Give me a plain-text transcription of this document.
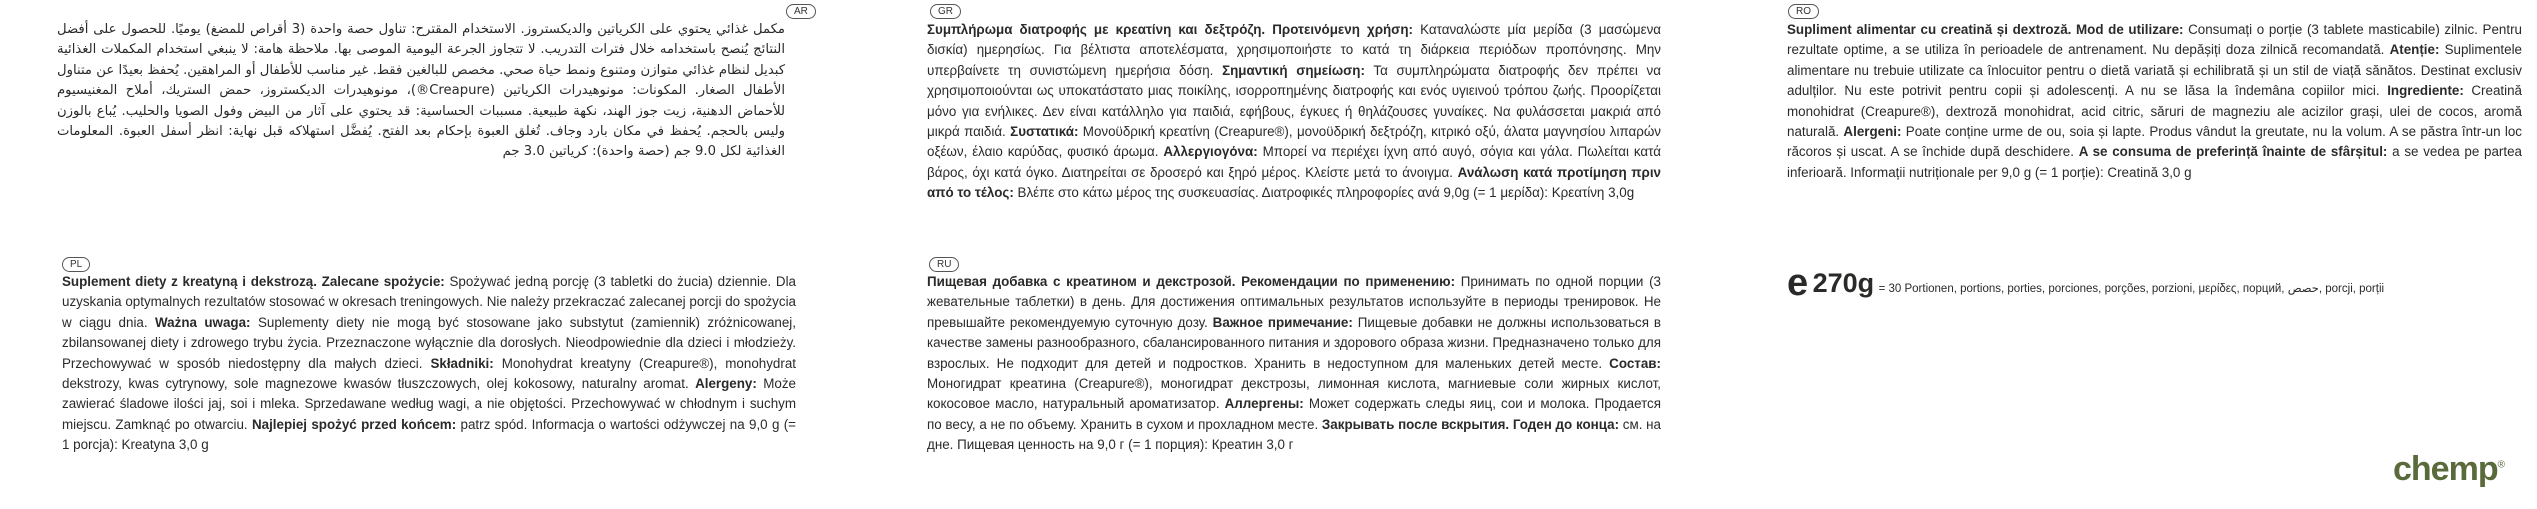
AR
مكمل غذائي يحتوي على الكرياتين والديكستروز. الاستخدام المقترح: تناول حصة واحدة (3 أقراص للمضغ) يوميًا. للحصول على أفضل النتائج يُنصح باستخدامه خلال فترات التدريب. لا تتجاوز الجرعة اليومية الموصى بها. ملاحظة هامة: لا ينبغي استخدام المكملات الغذائية كبديل لنظام غذائي متوازن ومتنوع ونمط حياة صحي. مخصص للبالغين فقط. غير مناسب للأطفال أو المراهقين. يُحفظ بعيدًا عن متناول الأطفال الصغار. المكونات: مونوهيدرات الكرياتين (Creapure®)، مونوهيدرات الديكستروز، حمض الستريك، أملاح المغنيسيوم للأحماض الدهنية، زيت جوز الهند، نكهة طبيعية. مسببات الحساسية: قد يحتوي على آثار من البيض وفول الصويا والحليب. يُباع بالوزن وليس بالحجم. يُحفظ في مكان بارد وجاف. تُغلق العبوة بإحكام بعد الفتح. يُفضَّل استهلاكه قبل نهاية: انظر أسفل العبوة. المعلومات الغذائية لكل 9.0 جم (حصة واحدة): كرياتين 3.0 جم
GR
Συμπλήρωμα διατροφής με κρεατίνη και δεξτρόζη. Προτεινόμενη χρήση: Καταναλώστε μία μερίδα (3 μασώμενα δισκία) ημερησίως. Για βέλτιστα αποτελέσματα, χρησιμοποιήστε το κατά τη διάρκεια περιόδων προπόνησης. Μην υπερβαίνετε τη συνιστώμενη ημερήσια δόση. Σημαντική σημείωση: Τα συμπληρώματα διατροφής δεν πρέπει να χρησιμοποιούνται ως υποκατάστατο μιας ποικίλης, ισορροπημένης διατροφής και ενός υγιεινού τρόπου ζωής. Προορίζεται μόνο για ενήλικες. Δεν είναι κατάλληλο για παιδιά, εφήβους, έγκυες ή θηλάζουσες γυναίκες. Να φυλάσσεται μακριά από μικρά παιδιά. Συστατικά: Μονοϋδρική κρεατίνη (Creapure®), μονοϋδρική δεξτρόζη, κιτρικό οξύ, άλατα μαγνησίου λιπαρών οξέων, έλαιο καρύδας, φυσικό άρωμα. Αλλεργιογόνα: Μπορεί να περιέχει ίχνη από αυγό, σόγια και γάλα. Πωλείται κατά βάρος, όχι κατά όγκο. Διατηρείται σε δροσερό και ξηρό μέρος. Κλείστε μετά το άνοιγμα. Ανάλωση κατά προτίμηση πριν από το τέλος: Βλέπε στο κάτω μέρος της συσκευασίας. Διατροφικές πληροφορίες ανά 9,0g (= 1 μερίδα): Κρεατίνη 3,0g
RO
Supliment alimentar cu creatină și dextroză. Mod de utilizare: Consumați o porție (3 tablete masticabile) zilnic. Pentru rezultate optime, a se utiliza în perioadele de antrenament. Nu depășiți doza zilnică recomandată. Atenție: Suplimentele alimentare nu trebuie utilizate ca înlocuitor pentru o dietă variată și echilibrată și un stil de viață sănătos. Destinat exclusiv adulților. Nu este potrivit pentru copii și adolescenți. A nu se lăsa la îndemâna copiilor mici. Ingrediente: Creatină monohidrat (Creapure®), dextroză monohidrat, acid citric, săruri de magneziu ale acizilor grași, ulei de cocos, aromă naturală. Alergeni: Poate conține urme de ou, soia și lapte. Produs vândut la greutate, nu la volum. A se păstra într-un loc răcoros și uscat. A se închide după deschidere. A se consuma de preferință înainte de sfârșitul: a se vedea pe partea inferioară. Informații nutriționale per 9,0 g (= 1 porție): Creatină 3,0 g
PL
Suplement diety z kreatyną i dekstrozą. Zalecane spożycie: Spożywać jedną porcję (3 tabletki do żucia) dziennie. Dla uzyskania optymalnych rezultatów stosować w okresach treningowych. Nie należy przekraczać zalecanej porcji do spożycia w ciągu dnia. Ważna uwaga: Suplementy diety nie mogą być stosowane jako substytut (zamiennik) zróżnicowanej, zbilansowanej diety i zdrowego trybu życia. Przeznaczone wyłącznie dla dorosłych. Nieodpowiednie dla dzieci i młodzieży. Przechowywać w sposób niedostępny dla małych dzieci. Składniki: Monohydrat kreatyny (Creapure®), monohydrat dekstrozy, kwas cytrynowy, sole magnezowe kwasów tłuszczowych, olej kokosowy, naturalny aromat. Alergeny: Może zawierać śladowe ilości jaj, soi i mleka. Sprzedawane według wagi, a nie objętości. Przechowywać w chłodnym i suchym miejscu. Zamknąć po otwarciu. Najlepiej spożyć przed końcem: patrz spód. Informacja o wartości odżywczej na 9,0 g (= 1 porcja): Kreatyna 3,0 g
RU
Пищевая добавка с креатином и декстрозой. Рекомендации по применению: Принимать по одной порции (3 жевательные таблетки) в день. Для достижения оптимальных результатов используйте в периоды тренировок. Не превышайте рекомендуемую суточную дозу. Важное примечание: Пищевые добавки не должны использоваться в качестве замены разнообразного, сбалансированного питания и здорового образа жизни. Предназначено только для взрослых. Не подходит для детей и подростков. Хранить в недоступном для маленьких детей месте. Состав: Моногидрат креатина (Creapure®), моногидрат декстрозы, лимонная кислота, магниевые соли жирных кислот, кокосовое масло, натуральный ароматизатор. Аллергены: Может содержать следы яиц, сои и молока. Продается по весу, а не по объему. Хранить в сухом и прохладном месте. Закрывать после вскрытия. Годен до конца: см. на дне. Пищевая ценность на 9,0 г (= 1 порция): Креатин 3,0 г
e 270g = 30 Portionen, portions, porties, porciones, porções, porzioni, μερίδες, порций, حصص, porcji, porții
chemp®
